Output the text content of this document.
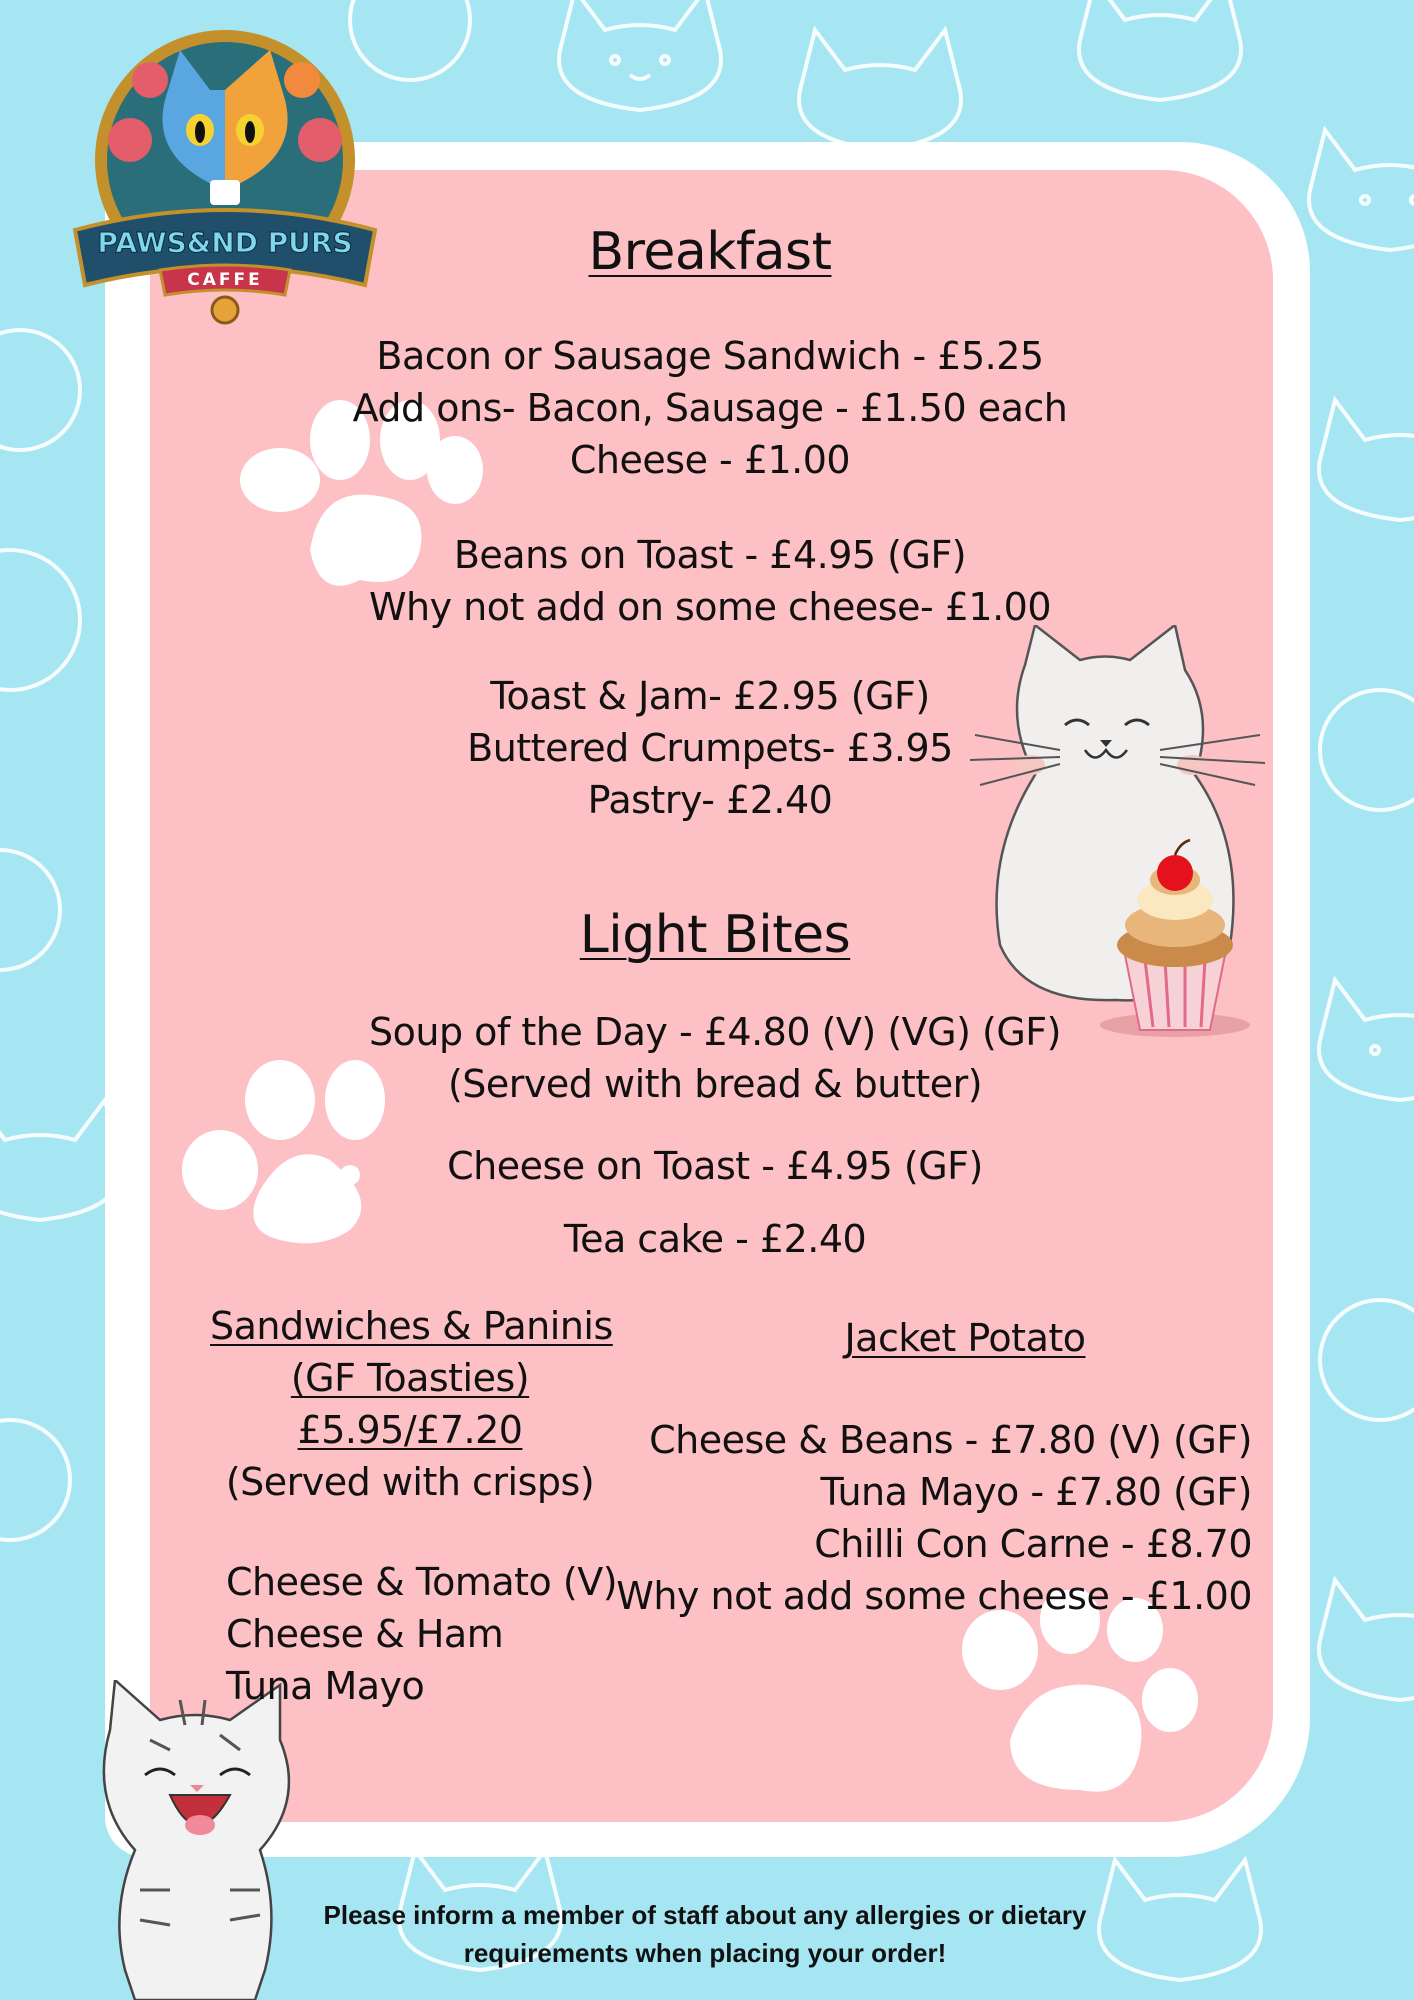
PAWS&ND PURS
CAFFE	Breakfast
Bacon or Sausage Sandwich - £5.25
Add ons- Bacon, Sausage - £1.50 each
Cheese - £1.00
Beans on Toast - £4.95 (GF)
Why not add on some cheese- £1.00
Toast & Jam- £2.95 (GF)
Buttered Crumpets- £3.95
Pastry- £2.40
Light Bites
Soup of the Day - £4.80 (V) (VG) (GF)
(Served with bread & butter)
Cheese on Toast - £4.95 (GF)
Tea cake - £2.40
Sandwiches & Paninis
(GF Toasties)
£5.95/£7.20
(Served with crisps)
Cheese & Tomato (V)
Cheese & Ham
Tuna Mayo
Jacket Potato
Cheese & Beans - £7.80 (V) (GF)
Tuna Mayo - £7.80 (GF)
Chilli Con Carne - £8.70
Why not add some cheese - £1.00
Please inform a member of staff about any allergies or dietary
requirements when placing your order!
